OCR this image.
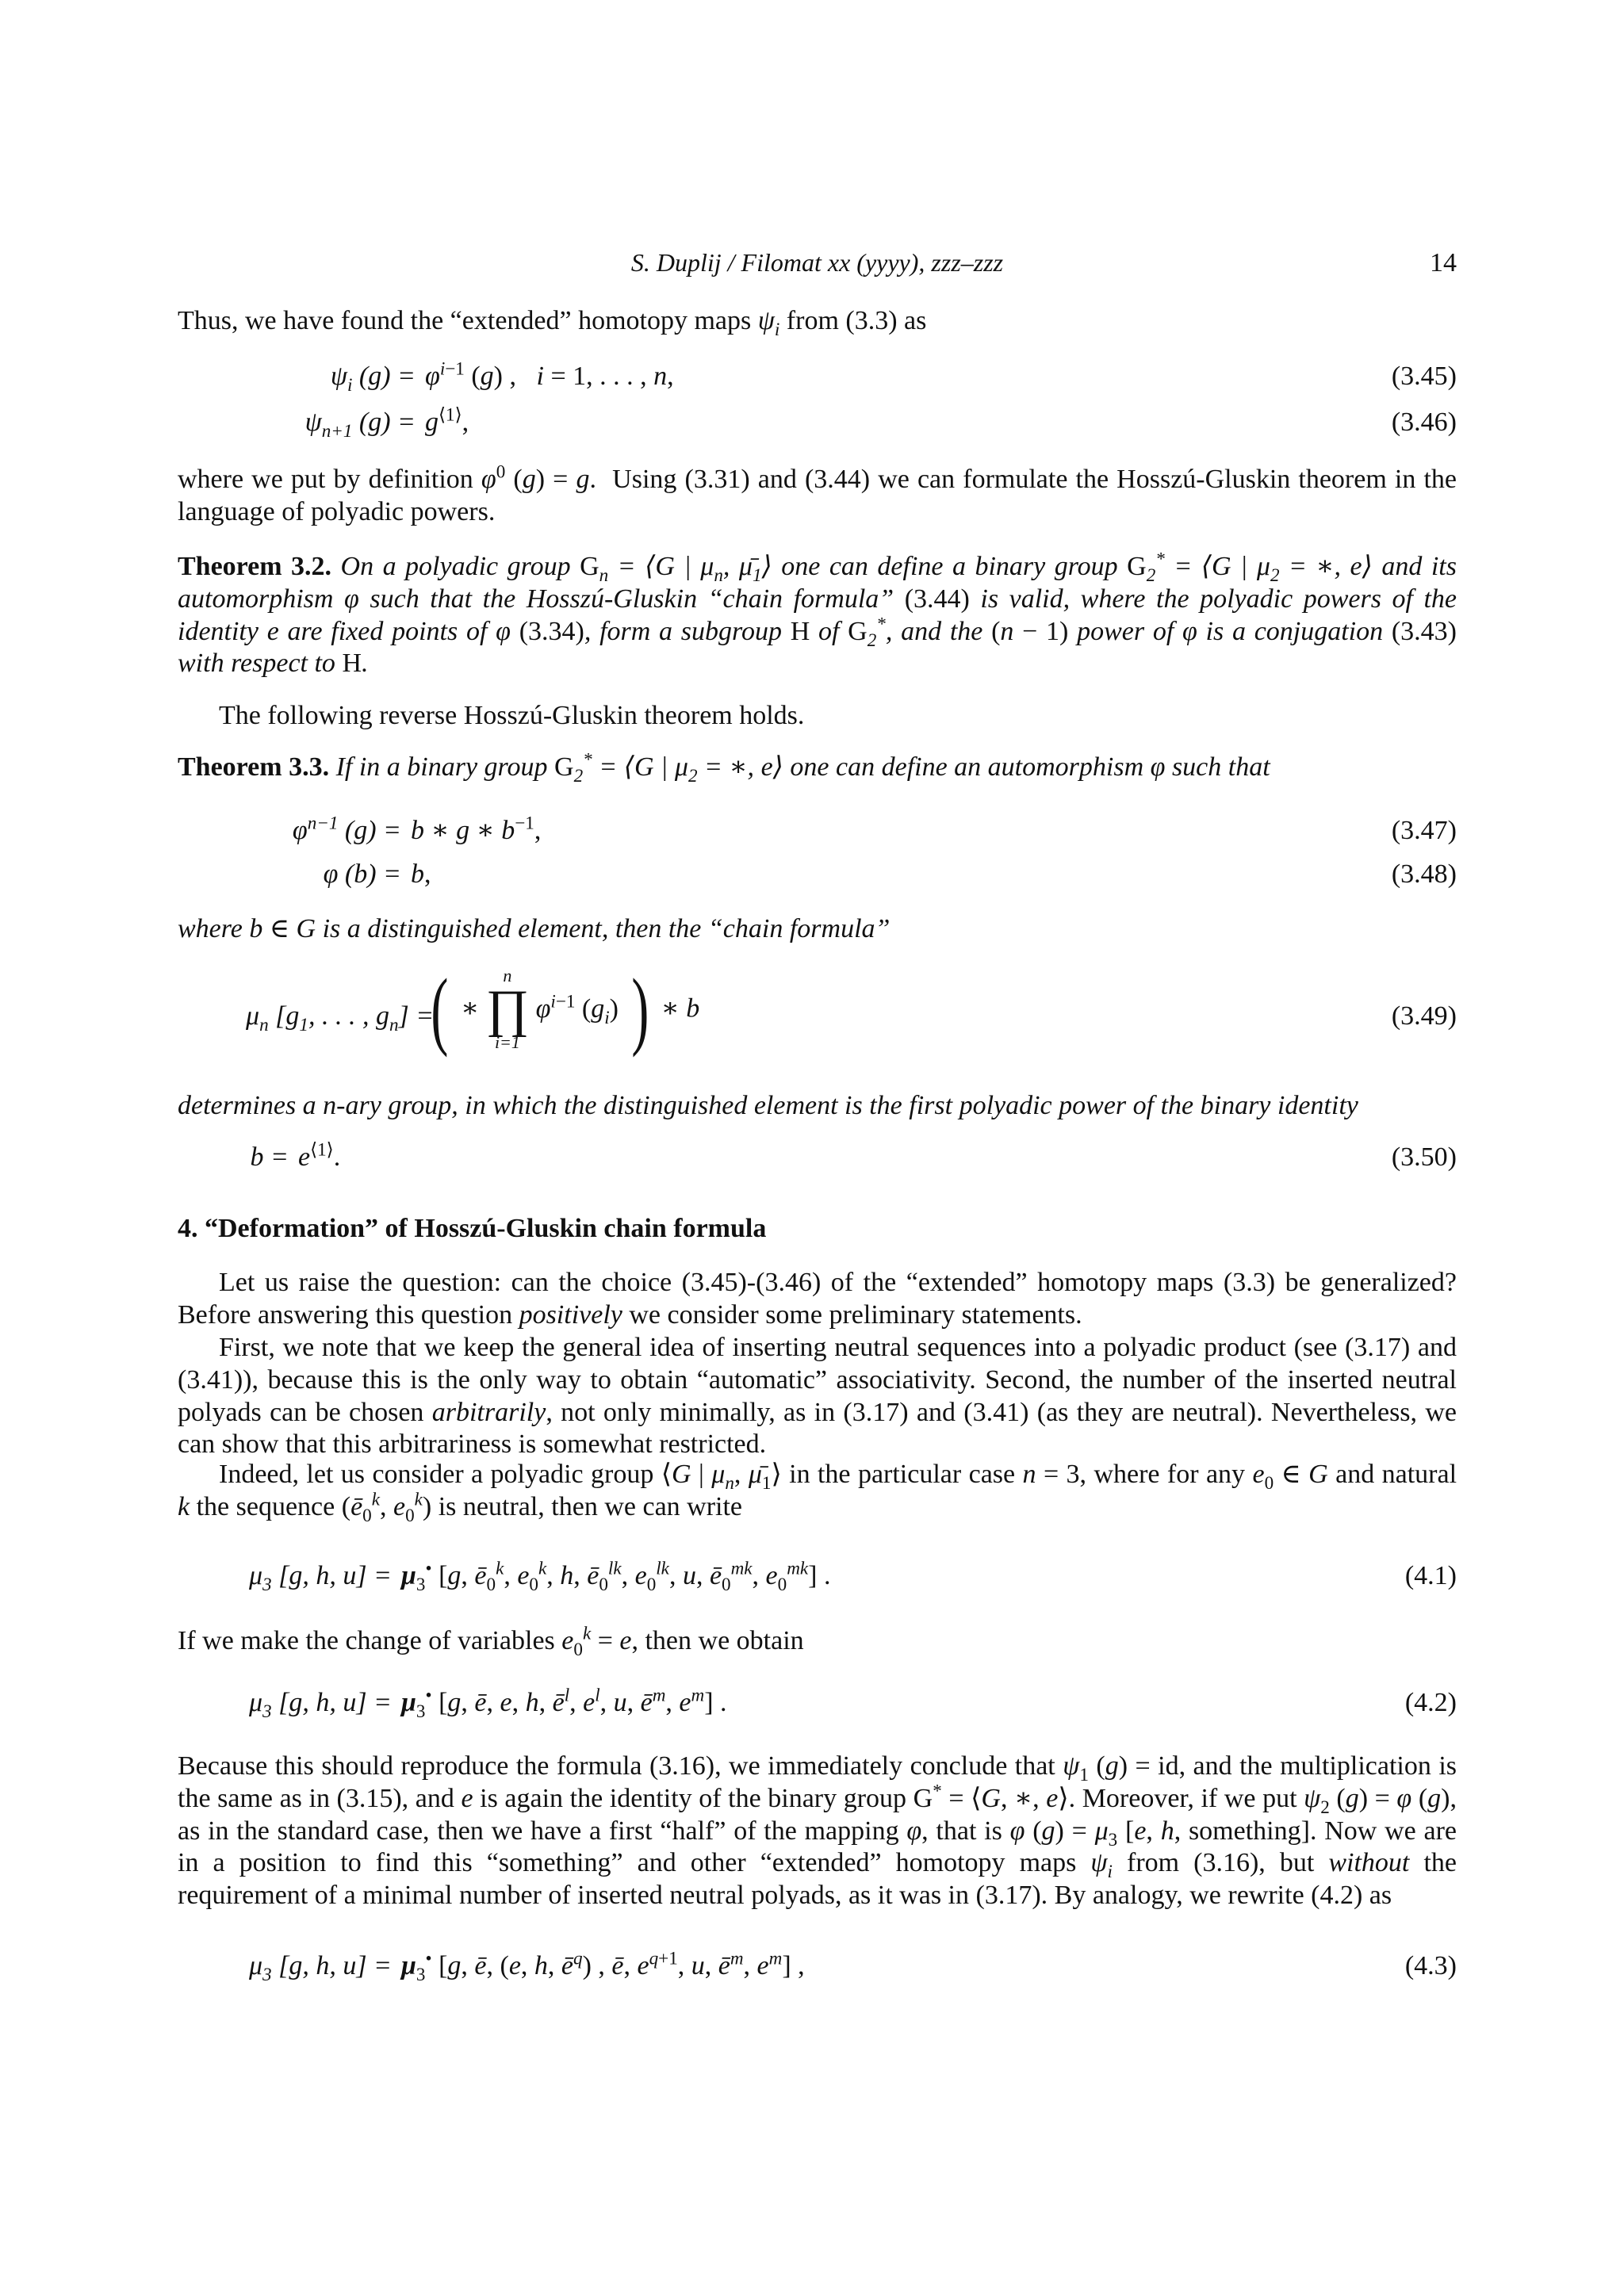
S. Duplij / Filomat xx (yyyy), zzz–zzz	14

Thus, we have found the “extended” homotopy maps $\psi_i$ from (3.3) as

$\psi_i$ $(g) = \varphi^{i-1}$ (g) ,   i = 1, . . . , n,	(3.45)
$\psi_{n+1}$ $(g) = g^{⟨1⟩}$,	(3.46)

where we put by definition $\varphi^0$ (g) = g.  Using (3.31) and (3.44) we can formulate the Hosszú-Gluskin theorem in the language of polyadic powers.

Theorem 3.2. On a polyadic group $G_n$ = ⟨G | $\mu_n$, $\mū_1⟩$ one can define a binary group $G_2^*$ = ⟨G | $\mu_2$ = ∗, e⟩ and its automorphism φ such that the Hosszú-Gluskin “chain formula” (3.44) is valid, where the polyadic powers of the identity e are fixed points of φ (3.34), form a subgroup H of $G_2^*$, and the (n − 1) power of φ is a conjugation (3.43) with respect to H.

The following reverse Hosszú-Gluskin theorem holds.

Theorem 3.3. If in a binary group $G_2^*$ = ⟨G | $\mu_2$ = ∗, e⟩ one can define an automorphism φ such that

$\varphi^{n-1}$ (g) = b ∗ g ∗ $b^{-1}$,	(3.47)
φ (b) = b,	(3.48)

where b ∈ G is a distinguished element, then the “chain formula”

$\mu_n$ [$g_1$, . . . , $g_n$] =
( ∗
n
∏
i=1
$\varphi^{i-1}$ $(g_i)$ ) ∗ b	(3.49)

determines a n-ary group, in which the distinguished element is the first polyadic power of the binary identity

$b = e^{⟨1⟩}$.	(3.50)

4. “Deformation” of Hosszú-Gluskin chain formula

Let us raise the question: can the choice (3.45)-(3.46) of the “extended” homotopy maps (3.3) be generalized? Before answering this question positively we consider some preliminary statements.

First, we note that we keep the general idea of inserting neutral sequences into a polyadic product (see (3.17) and (3.41)), because this is the only way to obtain “automatic” associativity. Second, the number of the inserted neutral polyads can be chosen arbitrarily, not only minimally, as in (3.17) and (3.41) (as they are neutral). Nevertheless, we can show that this arbitrariness is somewhat restricted.

Indeed, let us consider a polyadic group ⟨G | $\mu_n$, $\mū_1⟩$ in the particular case n = 3, where for any $e_0$ ∈ G and natural k the sequence ($ē_0^k$, $e_0^k$) is neutral, then we can write

$\mu_3$ [g, h, $u] = \mu_3^•$ [g, $ē_0^k$, $e_0^k$, h, $ē_0^{lk}$, $e_0^{lk}$, u, $ē_0^{mk}$, $e_0^{mk}$] .	(4.1)

If we make the change of variables $e_0^k = e$, then we obtain

$\mu_3$ [g, h, $u] = \mu_3^•$ [g, ē, e, h, $ē^l$, $e^l$, u, $ē^m$, $e^m$] .	(4.2)

Because this should reproduce the formula (3.16), we immediately conclude that $\psi_1$ (g) = id, and the multiplication is the same as in (3.15), and e is again the identity of the binary group G* = ⟨G, ∗, e⟩. Moreover, if we put $\psi_2$ (g) = φ (g), as in the standard case, then we have a first “half” of the mapping φ, that is φ $(g) = \mu_3$ [e, h, something]. Now we are in a position to find this “something” and other “extended” homotopy maps $\psi_i$ from (3.16), but without the requirement of a minimal number of inserted neutral polyads, as it was in (3.17). By analogy, we rewrite (4.2) as

$\mu_3$ [g, h, $u] = \mu_3^•$ [g, ē, (e, h, $ē^q$) , ē, $e^{q+1}$, u, $ē^m$, $e^m$] ,	(4.3)
